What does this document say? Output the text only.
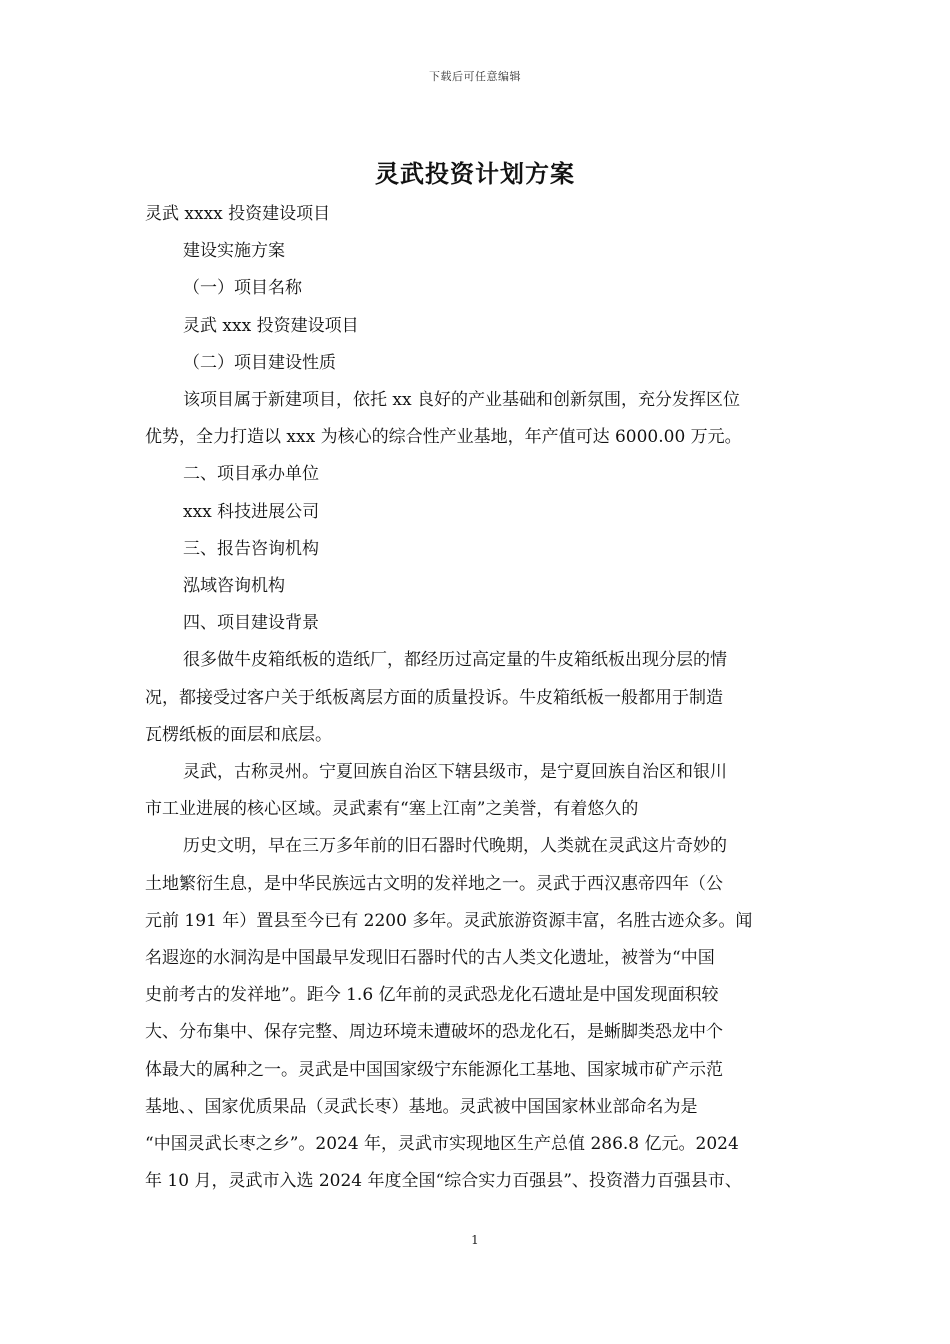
下载后可任意编辑
灵武投资计划方案

灵武 xxxx 投资建设项目

建设实施方案

（一）项目名称

灵武 xxx 投资建设项目

（二）项目建设性质

该项目属于新建项目，依托 xx 良好的产业基础和创新氛围，充分发挥区位

优势，全力打造以 xxx 为核心的综合性产业基地，年产值可达 6000.00 万元。

二、项目承办单位

xxx 科技进展公司

三、报告咨询机构

泓域咨询机构

四、项目建设背景

很多做牛皮箱纸板的造纸厂，都经历过高定量的牛皮箱纸板出现分层的情

况，都接受过客户关于纸板离层方面的质量投诉。牛皮箱纸板一般都用于制造

瓦楞纸板的面层和底层。

灵武，古称灵州。宁夏回族自治区下辖县级市，是宁夏回族自治区和银川

市工业进展的核心区域。灵武素有“塞上江南”之美誉，有着悠久的

历史文明，早在三万多年前的旧石器时代晚期，人类就在灵武这片奇妙的

土地繁衍生息，是中华民族远古文明的发祥地之一。灵武于西汉惠帝四年（公

元前 191 年）置县至今已有 2200 多年。灵武旅游资源丰富，名胜古迹众多。闻

名遐迩的水洞沟是中国最早发现旧石器时代的古人类文化遗址，被誉为“中国

史前考古的发祥地”。距今 1.6 亿年前的灵武恐龙化石遗址是中国发现面积较

大、分布集中、保存完整、周边环境未遭破坏的恐龙化石，是蜥脚类恐龙中个

体最大的属种之一。灵武是中国国家级宁东能源化工基地、国家城市矿产示范

基地、、国家优质果品（灵武长枣）基地。灵武被中国国家林业部命名为是

“中国灵武长枣之乡”。2024 年，灵武市实现地区生产总值 286.8 亿元。2024

年 10 月，灵武市入选 2024 年度全国“综合实力百强县”、投资潜力百强县市、

1
